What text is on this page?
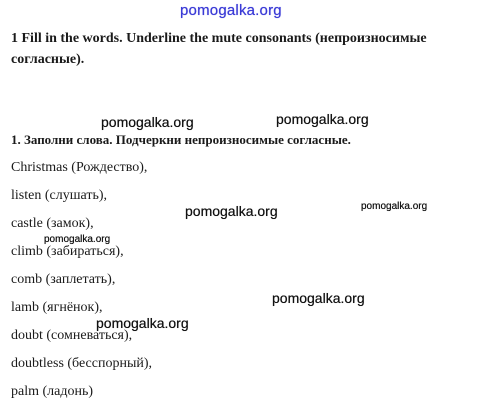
pomogalka.org
1 Fill in the words. Underline the mute consonants (непроизносимые согласные).
1. Заполни слова. Подчеркни непроизносимые согласные.
Christmas (Рождество),
listen (слушать),
castle (замок),
climb (забираться),
comb (заплетать),
lamb (ягнёнок),
doubt (сомневаться),
doubtless (бесспорный),
palm (ладонь)
pomogalka.org	pomogalka.org
pomogalka.org	pomogalka.org
pomogalka.org
pomogalka.org
pomogalka.org
